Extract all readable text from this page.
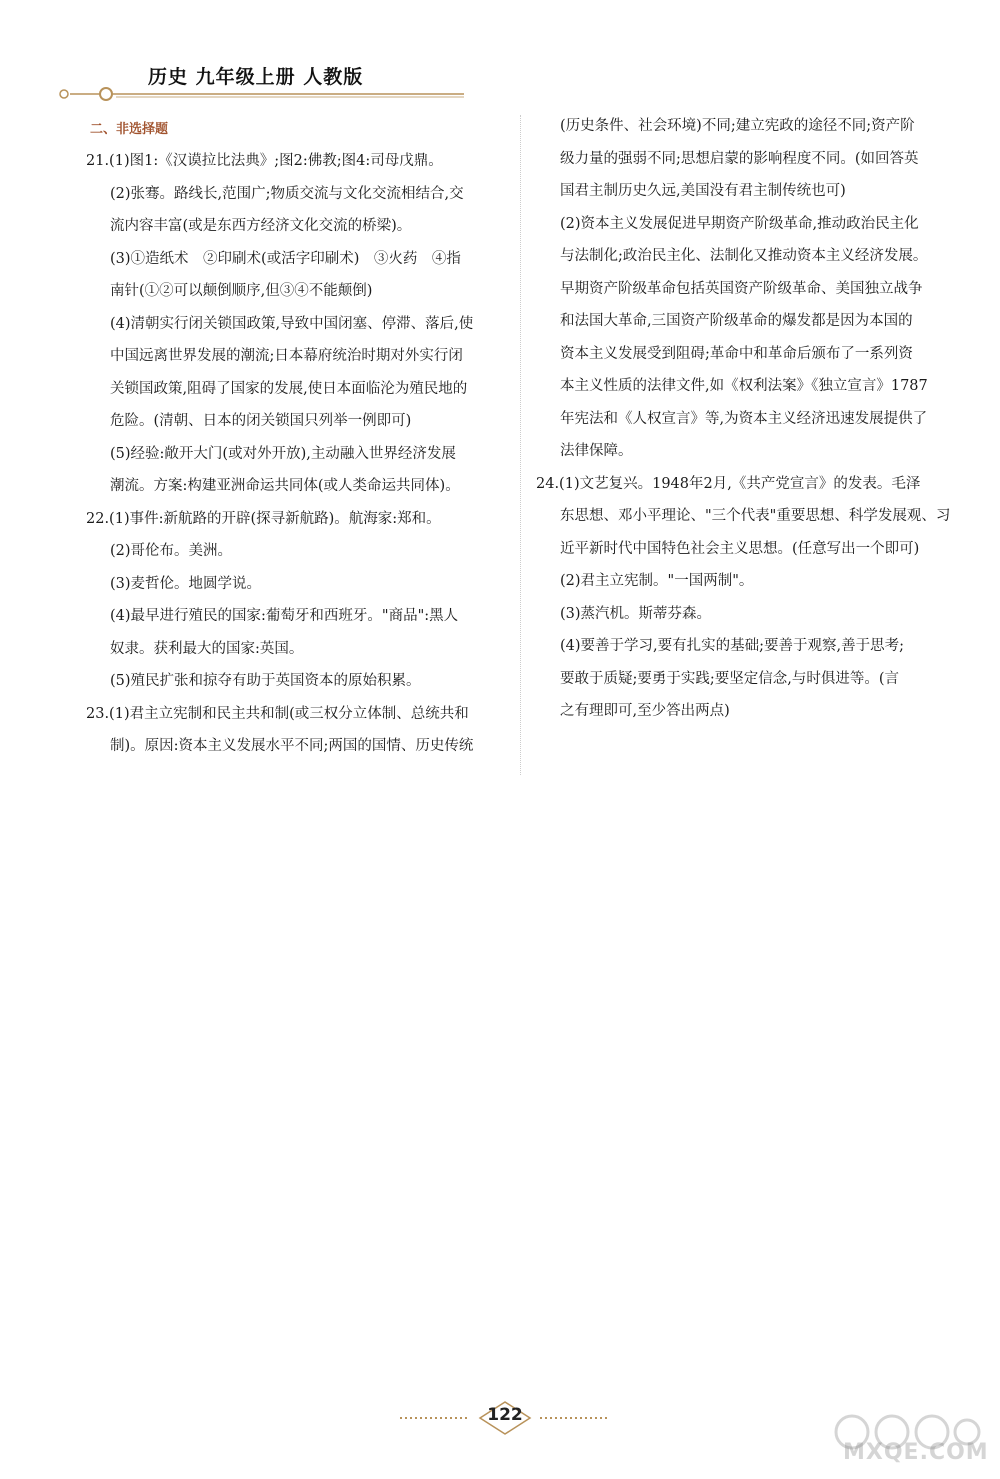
历史 九年级上册 人教版
二、非选择题

21.(1)图1:《汉谟拉比法典》;图2:佛教;图4:司母戊鼎。

(2)张骞。路线长,范围广;物质交流与文化交流相结合,交

流内容丰富(或是东西方经济文化交流的桥梁)。

(3)①造纸术　②印刷术(或活字印刷术)　③火药　④指

南针(①②可以颠倒顺序,但③④不能颠倒)

(4)清朝实行闭关锁国政策,导致中国闭塞、停滞、落后,使

中国远离世界发展的潮流;日本幕府统治时期对外实行闭

关锁国政策,阻碍了国家的发展,使日本面临沦为殖民地的

危险。(清朝、日本的闭关锁国只列举一例即可)

(5)经验:敞开大门(或对外开放),主动融入世界经济发展

潮流。方案:构建亚洲命运共同体(或人类命运共同体)。

22.(1)事件:新航路的开辟(探寻新航路)。航海家:郑和。

(2)哥伦布。美洲。

(3)麦哲伦。地圆学说。

(4)最早进行殖民的国家:葡萄牙和西班牙。"商品":黑人

奴隶。获利最大的国家:英国。

(5)殖民扩张和掠夺有助于英国资本的原始积累。

23.(1)君主立宪制和民主共和制(或三权分立体制、总统共和

制)。原因:资本主义发展水平不同;两国的国情、历史传统

(历史条件、社会环境)不同;建立宪政的途径不同;资产阶

级力量的强弱不同;思想启蒙的影响程度不同。(如回答英

国君主制历史久远,美国没有君主制传统也可)

(2)资本主义发展促进早期资产阶级革命,推动政治民主化

与法制化;政治民主化、法制化又推动资本主义经济发展。

早期资产阶级革命包括英国资产阶级革命、美国独立战争

和法国大革命,三国资产阶级革命的爆发都是因为本国的

资本主义发展受到阻碍;革命中和革命后颁布了一系列资

本主义性质的法律文件,如《权利法案》《独立宣言》1787

年宪法和《人权宣言》等,为资本主义经济迅速发展提供了

法律保障。

24.(1)文艺复兴。1948年2月,《共产党宣言》的发表。毛泽

东思想、邓小平理论、"三个代表"重要思想、科学发展观、习

近平新时代中国特色社会主义思想。(任意写出一个即可)

(2)君主立宪制。"一国两制"。

(3)蒸汽机。斯蒂芬森。

(4)要善于学习,要有扎实的基础;要善于观察,善于思考;

要敢于质疑;要勇于实践;要坚定信念,与时俱进等。(言

之有理即可,至少答出两点)

122
MXQE.COM
